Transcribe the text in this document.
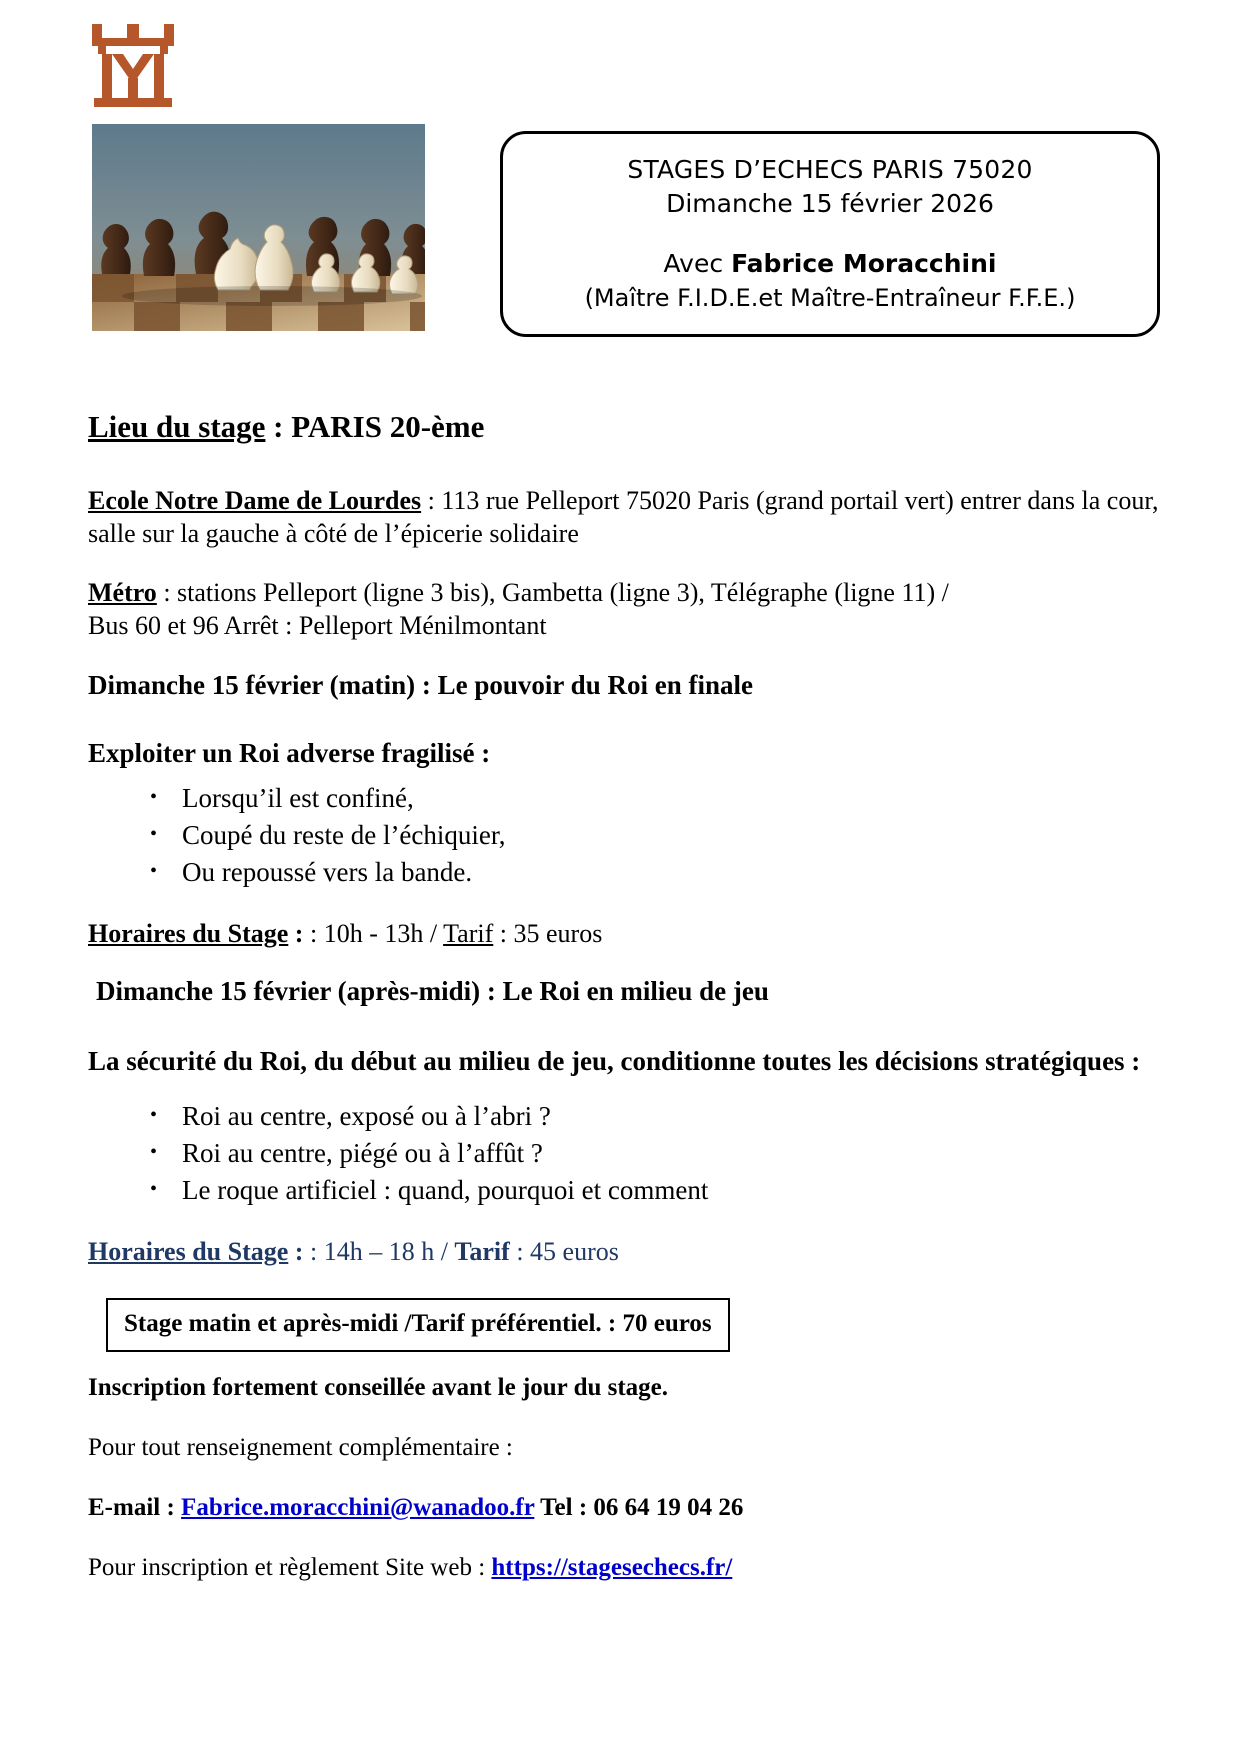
STAGES D’ECHECS PARIS 75020
Dimanche 15 février 2026
Avec Fabrice Moracchini
(Maître F.I.D.E.et Maître-Entraîneur F.F.E.)
Lieu du stage : PARIS 20-ème

Ecole Notre Dame de Lourdes : 113 rue Pelleport 75020 Paris (grand portail vert) entrer dans la cour, salle sur la gauche à côté de l’épicerie solidaire

Métro : stations Pelleport (ligne 3 bis), Gambetta (ligne 3), Télégraphe (ligne 11) /
Bus 60 et 96 Arrêt : Pelleport Ménilmontant

Dimanche 15 février (matin) : Le pouvoir du Roi en finale
Exploiter un Roi adverse fragilisé :
• Lorsqu’il est confiné,
• Coupé du reste de l’échiquier,
• Ou repoussé vers la bande.
Horaires du Stage : : 10h - 13h / Tarif : 35 euros
Dimanche 15 février (après-midi) : Le Roi en milieu de jeu
La sécurité du Roi, du début au milieu de jeu, conditionne toutes les décisions stratégiques :
• Roi au centre, exposé ou à l’abri ?
• Roi au centre, piégé ou à l’affût ?
• Le roque artificiel : quand, pourquoi et comment
Horaires du Stage : : 14h – 18 h / Tarif : 45 euros
Stage matin et après-midi /Tarif préférentiel. : 70 euros
Inscription fortement conseillée avant le jour du stage.
Pour tout renseignement complémentaire :
E-mail : Fabrice.moracchini@wanadoo.fr Tel : 06 64 19 04 26
Pour inscription et règlement Site web : https://stagesechecs.fr/
